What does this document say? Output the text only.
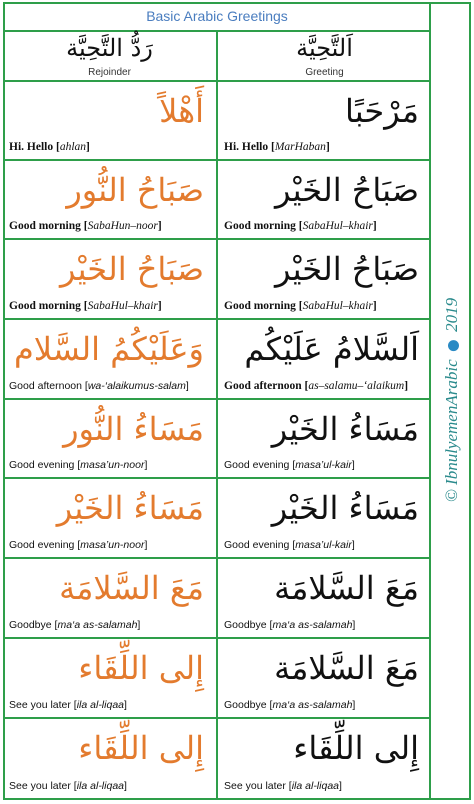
Basic Arabic Greetings
رَدُّ التَّحِيَّة
Rejoinder
اَلتَّحِيَّة
Greeting
أَهْلاً
Hi. Hello [ahlan]
مَرْحَبًا
Hi. Hello [MarHaban]
صَبَاحُ النُّور
Good morning [SabaHun–noor]
صَبَاحُ الخَيْر
Good morning [SabaHul–khair]
صَبَاحُ الخَيْر
Good morning [SabaHul–khair]
صَبَاحُ الخَيْر
Good morning [SabaHul–khair]
وَعَلَيْكُمُ السَّلام
Good afternoon [wa-‘alaikumus-salam]
اَلسَّلامُ عَلَيْكُم
Good afternoon [as–salamu–‘alaikum]
مَسَاءُ النُّور
Good evening [masa’un-noor]
مَسَاءُ الخَيْر
Good evening [masa’ul-kair]
مَسَاءُ الخَيْر
Good evening [masa’un-noor]
مَسَاءُ الخَيْر
Good evening [masa’ul-kair]
مَعَ السَّلامَة
Goodbye [ma‘a as-salamah]
مَعَ السَّلامَة
Goodbye [ma‘a as-salamah]
إِلى اللِّقَاء
See you later [ila al-liqaa]
مَعَ السَّلامَة
Goodbye [ma‘a as-salamah]
إِلى اللِّقَاء
See you later [ila al-liqaa]
إِلى اللِّقَاء
See you later [ila al-liqaa]
© IbnulyemenArabic  2019
